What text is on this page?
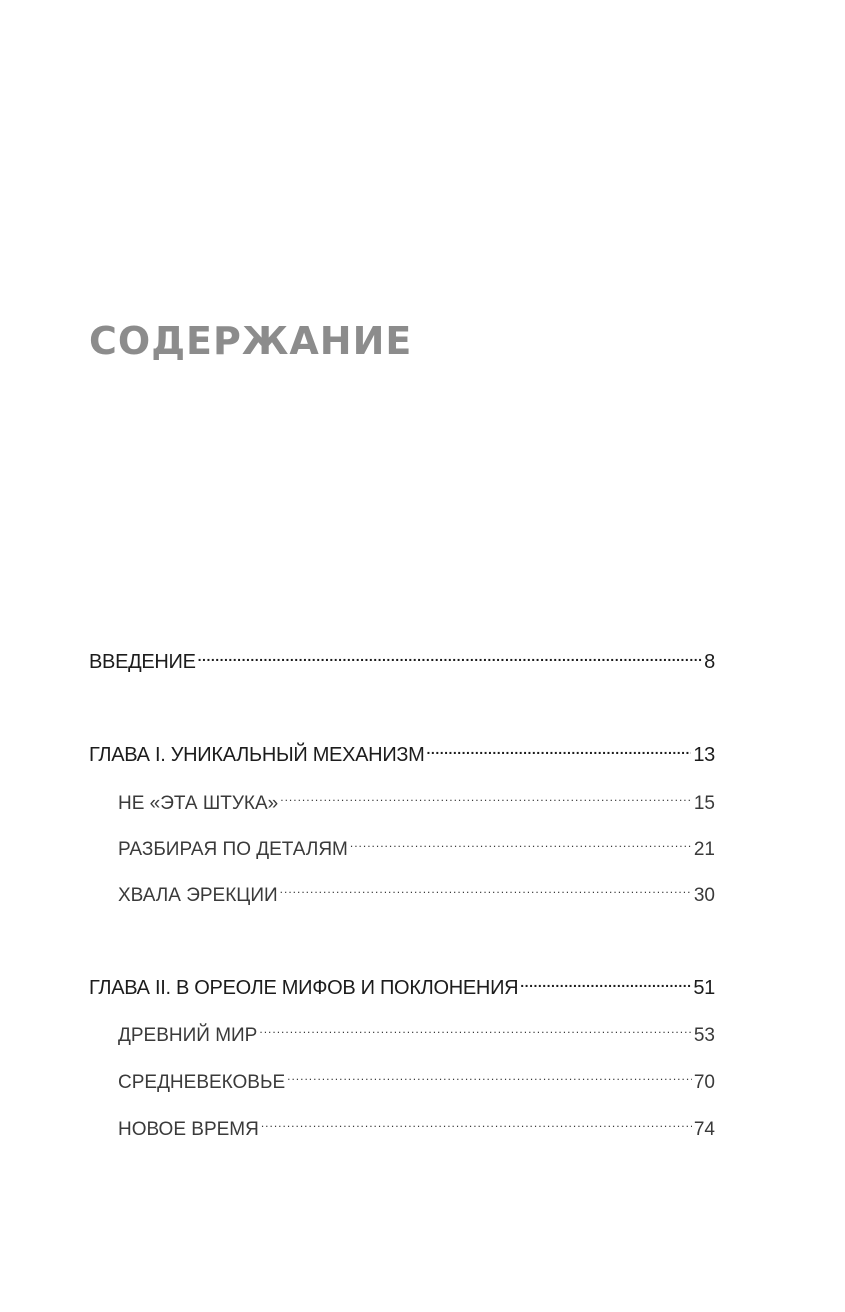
СОДЕРЖАНИЕ
ВВЕДЕНИЕ .....	8
ГЛАВА I. УНИКАЛЬНЫЙ МЕХАНИЗМ .....	13
НЕ «ЭТА ШТУКА» .....	15
РАЗБИРАЯ ПО ДЕТАЛЯМ .....	21
ХВАЛА ЭРЕКЦИИ .....	30
ГЛАВА II. В ОРЕОЛЕ МИФОВ И ПОКЛОНЕНИЯ .....	51
ДРЕВНИЙ МИР .....	53
СРЕДНЕВЕКОВЬЕ .....	70
НОВОЕ ВРЕМЯ .....	74
